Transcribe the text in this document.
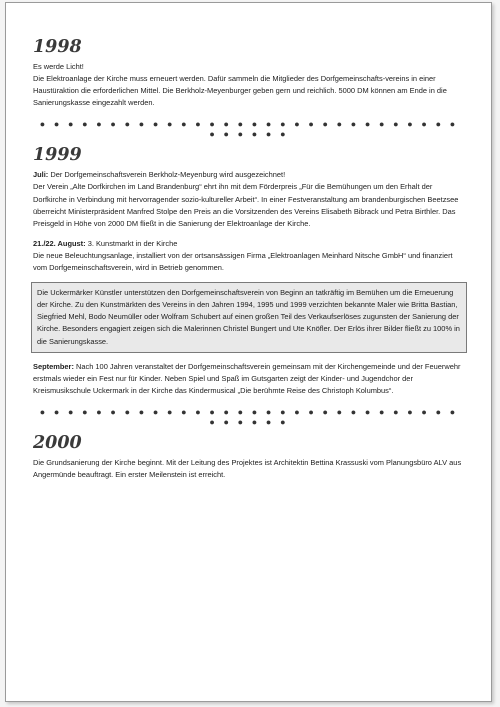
1998

Es werde Licht!

Die Elektroanlage der Kirche muss erneuert werden. Dafür sammeln die Mitglieder des Dorfgemeinschafts-vereins in einer Haustüraktion die erforderlichen Mittel. Die Berkholz-Meyenburger geben gern und reichlich. 5000 DM können am Ende in die Sanierungskasse eingezahlt werden.

● ● ● ● ● ● ● ● ● ● ● ● ● ● ● ● ● ● ● ● ● ● ● ● ● ● ● ● ● ● ● ● ● ● ● ●
1999

Juli: Der Dorfgemeinschaftsverein Berkholz-Meyenburg wird ausgezeichnet!

Der Verein „Alte Dorfkirchen im Land Brandenburg“ ehrt ihn mit dem Förderpreis „Für die Bemühungen um den Erhalt der Dorfkirche in Verbindung mit hervorragender sozio-kultureller Arbeit“. In einer Festveranstaltung am brandenburgischen Beetzsee überreicht Ministerpräsident Manfred Stolpe den Preis an die Vorsitzenden des Vereins Elisabeth Bibrack und Petra Birthler. Das Preisgeld in Höhe von 2000 DM fließt in die Sanierung der Elektroanlage der Kirche.

21./22. August: 3. Kunstmarkt in der Kirche

Die neue Beleuchtungsanlage, installiert von der ortsansässigen Firma „Elektroanlagen Meinhard Nitsche GmbH“ und finanziert vom Dorfgemeinschaftsverein, wird in Betrieb genommen.

Die Uckermärker Künstler unterstützen den Dorfgemeinschaftsverein von Beginn an tatkräftig im Bemühen um die Erneuerung der Kirche. Zu den Kunstmärkten des Vereins in den Jahren 1994, 1995 und 1999 verzichten bekannte Maler wie Britta Bastian, Siegfried Mehl, Bodo Neumüller oder Wolfram Schubert auf einen großen Teil des Verkaufserlöses zugunsten der Sanierung der Kirche. Besonders engagiert zeigen sich die Malerinnen Christel Bungert und Ute Knöfler. Der Erlös ihrer Bilder fließt zu 100% in die Sanierungskasse.

September: Nach 100 Jahren veranstaltet der Dorfgemeinschaftsverein gemeinsam mit der Kirchengemeinde und der Feuerwehr erstmals wieder ein Fest nur für Kinder. Neben Spiel und Spaß im Gutsgarten zeigt der Kinder- und Jugendchor der Kreismusikschule Uckermark in der Kirche das Kindermusical „Die berühmte Reise des Christoph Kolumbus“.

● ● ● ● ● ● ● ● ● ● ● ● ● ● ● ● ● ● ● ● ● ● ● ● ● ● ● ● ● ● ● ● ● ● ● ●
2000

Die Grundsanierung der Kirche beginnt. Mit der Leitung des Projektes ist Architektin Bettina Krassuski vom Planungsbüro ALV aus Angermünde beauftragt. Ein erster Meilenstein ist erreicht.
